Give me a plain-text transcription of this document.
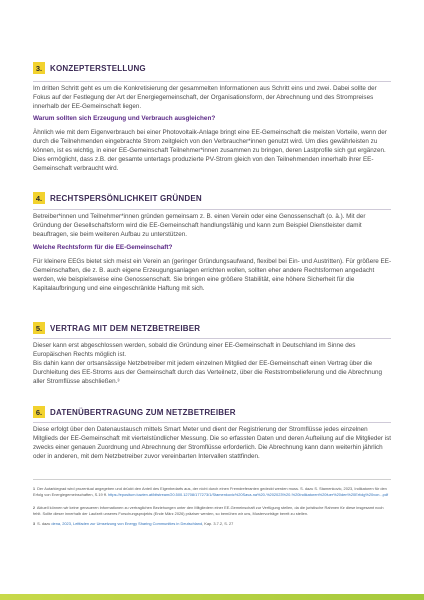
3. KONZEPTERSTELLUNG

Im dritten Schritt geht es um die Konkretisierung der gesammelten Informationen aus Schritt eins und zwei. Dabei sollte der Fokus auf der Festlegung der Art der Energiegemeinschaft, der Organisationsform, der Abrechnung und des Strompreises innerhalb der EE-Gemeinschaft liegen.

Warum sollten sich Erzeugung und Verbrauch ausgleichen?

Ähnlich wie mit dem Eigenverbrauch bei einer Photovoltaik-Anlage bringt eine EE-Gemeinschaft die meisten Vorteile, wenn der durch die Teilnehmenden eingebrachte Strom zeitgleich von den Verbraucher*innen genutzt wird. Um dies gewährleisten zu können, ist es wichtig, in einer EE-Gemeinschaft Teilnehmer*innen zusammen zu bringen, deren Lastprofile sich gut ergänzen. Dies ermöglicht, dass z.B. der gesamte untertags produzierte PV-Strom gleich von den Teilnehmenden innerhalb ihrer EE-Gemeinschaft verbraucht wird.

4. RECHTSPERSÖNLICHKEIT GRÜNDEN

Betreiber*innen und Teilnehmer*innen gründen gemeinsam z. B. einen Verein oder eine Genossenschaft (o. ä.). Mit der Gründung der Gesellschaftsform wird die EE-Gemeinschaft handlungsfähig und kann zum Beispiel Dienstleister damit beauftragen, sie beim weiteren Aufbau zu unterstützen.

Welche Rechtsform für die EE-Gemeinschaft?

Für kleinere EEGs bietet sich meist ein Verein an (geringer Gründungsaufwand, flexibel bei Ein- und Austritten). Für größere EE-Gemeinschaften, die z. B. auch eigene Erzeugungsanlagen errichten wollen, sollten eher andere Rechtsformen angedacht werden, wie beispielsweise eine Genossenschaft. Sie bringen eine größere Stabilität, eine höhere Sicherheit für die Kapitalaufbringung und eine eingeschränkte Haftung mit sich.

5. VERTRAG MIT DEM NETZBETREIBER

Dieser kann erst abgeschlossen werden, sobald die Gründung einer EE-Gemeinschaft in Deutschland im Sinne des Europäischen Rechts möglich ist.

Bis dahin kann der ortsansässige Netzbetreiber mit jedem einzelnen Mitglied der EE-Gemeinschaft einen Vertrag über die Durchleitung des EE-Stroms aus der Gemeinschaft durch das Verteilnetz, über die Reststrombelieferung und die Abrechnung aller Stromflüsse abschließen.³

6. DATENÜBERTRAGUNG ZUM NETZBETREIBER

Diese erfolgt über den Datenaustausch mittels Smart Meter und dient der Registrierung der Stromflüsse jedes einzelnen Mitglieds der EE-Gemeinschaft mit viertelstündlicher Messung. Die so erfassten Daten und deren Aufteilung auf die Mitglieder ist zwecks einer genauen Zuordnung und Abrechnung der Stromflüsse erforderlich. Die Abrechnung kann dann weiterhin jährlich oder in anderen, mit dem Netzbetreiber zuvor vereinbarten Intervallen stattfinden.

1 Der Autarkiegrad wird prozentual angegeben und drückt den Anteil des Eigenbedarfs aus, der nicht durch einen Fremdreferanten gedeckt werden muss. S. dazu S. Stamenkovic, 2023, Indikatoren für den Erfolg von Energiegemeinschaften, S.19 ff. https://epositum.tuwien.at/bitstream/20.500.12708/177273/1/Stamenkovic%20Sava-na%20-%202023%20-%20Indikatoren%20fuer%20den%20Erfolg%20von...pdf

2 Aktuell können wir keine genaueren Informationen zu vertraglichen Beziehungen unter den Mitgliedern einer EE-Gemeinschaft zur Verfügung stellen, da die juristische Rahmen für diese insgesamt noch fehlt. Sollte dieser innerhalb der Laufzeit unseres Forschungsprojekts (Ende März 2026) präziser werden, so bemühen wir uns, Mustervorträge bereit zu stellen.

3 S. dazu dena, 2023, Leitfaden zur Umsetzung von Energy Sharing Communities in Deutschland, Kap. 3.7.2, S. 27
